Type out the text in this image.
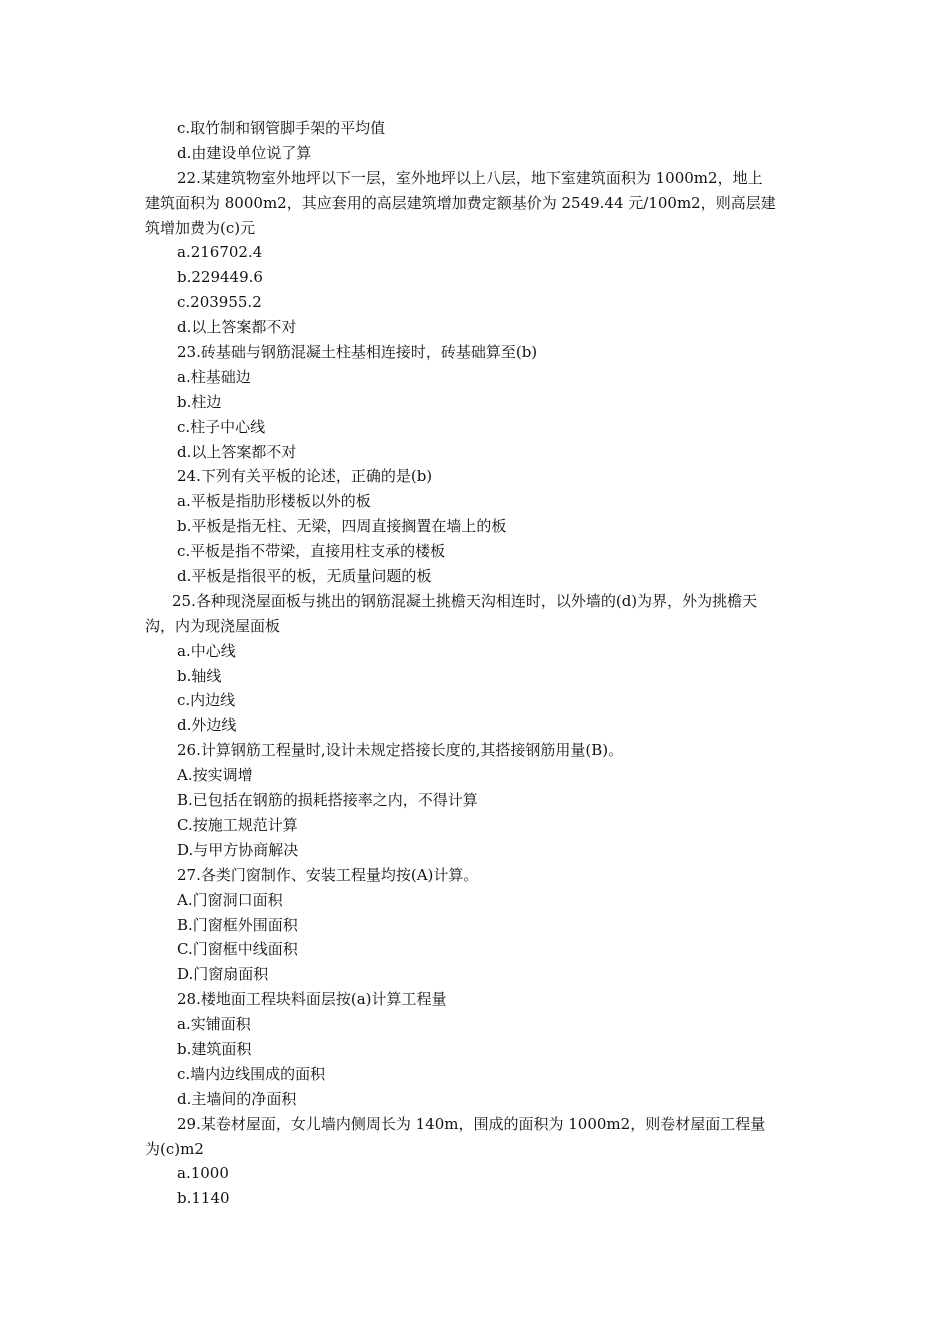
c.取竹制和钢管脚手架的平均值
d.由建设单位说了算
22.某建筑物室外地坪以下一层，室外地坪以上八层，地下室建筑面积为 1000m2，地上
建筑面积为 8000m2，其应套用的高层建筑增加费定额基价为 2549.44 元/100m2，则高层建
筑增加费为(c)元
a.216702.4
b.229449.6
c.203955.2
d.以上答案都不对
23.砖基础与钢筋混凝土柱基相连接时，砖基础算至(b)
a.柱基础边
b.柱边
c.柱子中心线
d.以上答案都不对
24.下列有关平板的论述，正确的是(b)
a.平板是指肋形楼板以外的板
b.平板是指无柱、无梁，四周直接搁置在墙上的板
c.平板是指不带梁，直接用柱支承的楼板
d.平板是指很平的板，无质量问题的板
25.各种现浇屋面板与挑出的钢筋混凝土挑檐天沟相连时，以外墙的(d)为界，外为挑檐天
沟，内为现浇屋面板
a.中心线
b.轴线
c.内边线
d.外边线
26.计算钢筋工程量时,设计未规定搭接长度的,其搭接钢筋用量(B)。
A.按实调增
B.已包括在钢筋的损耗搭接率之内，不得计算
C.按施工规范计算
D.与甲方协商解决
27.各类门窗制作、安装工程量均按(A)计算。
A.门窗洞口面积
B.门窗框外围面积
C.门窗框中线面积
D.门窗扇面积
28.楼地面工程块料面层按(a)计算工程量
a.实铺面积
b.建筑面积
c.墙内边线围成的面积
d.主墙间的净面积
29.某卷材屋面，女儿墙内侧周长为 140m，围成的面积为 1000m2，则卷材屋面工程量
为(c)m2
a.1000
b.1140
